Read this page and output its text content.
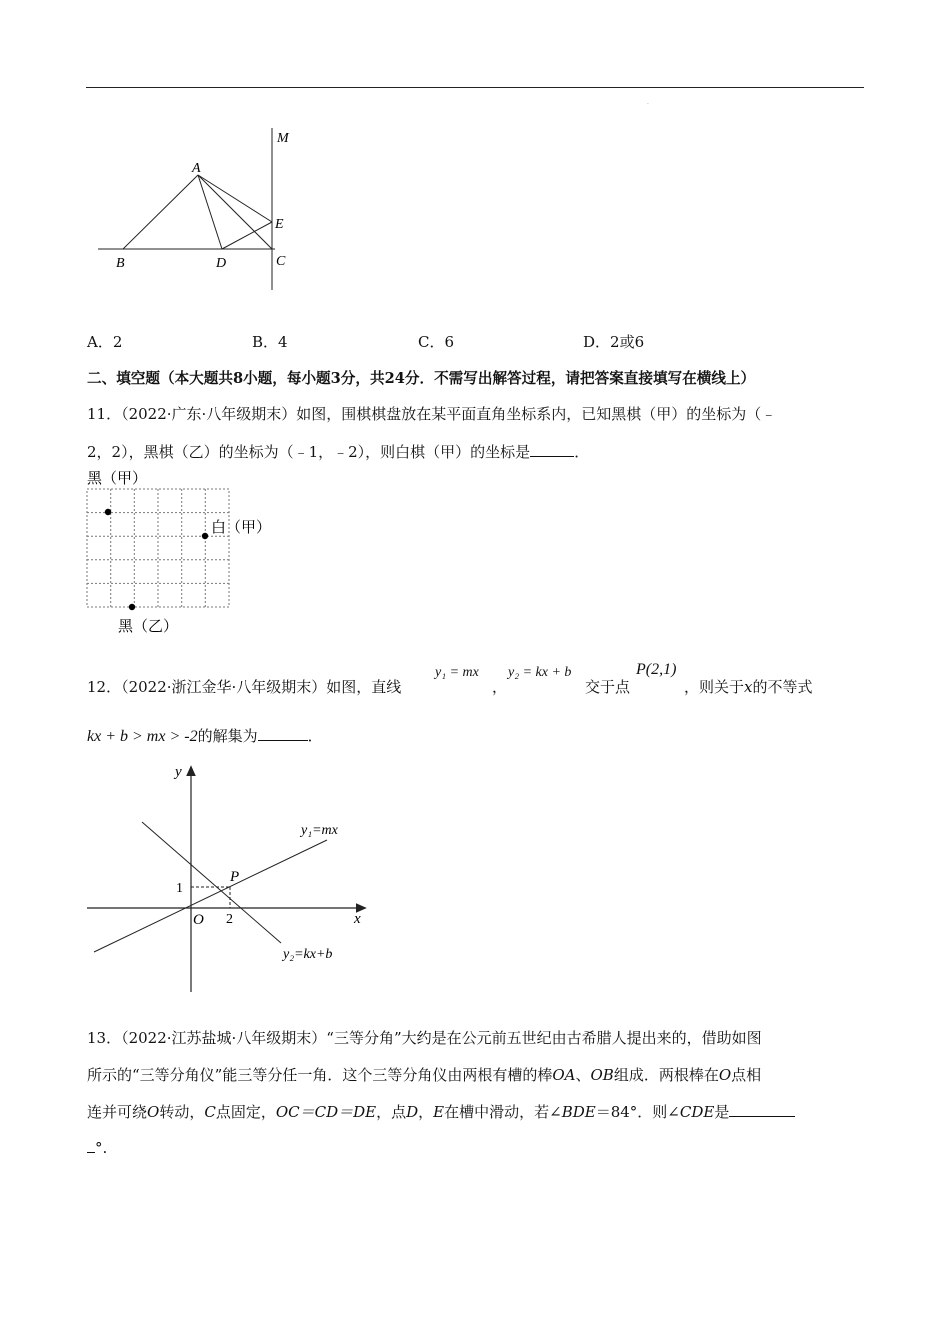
.
A
B	C
D
E
M
A．2	B．4	C．6	D．2或6
二、填空题（本大题共8小题，每小题3分，共24分．不需写出解答过程，请把答案直接填写在横线上）
11．（2022·广东·八年级期末）如图，围棋棋盘放在某平面直角坐标系内，已知黑棋（甲）的坐标为（﹣
2，2），黑棋（乙）的坐标为（﹣1，﹣2），则白棋（甲）的坐标是	．
黑（甲）
白（甲）
黑（乙）
12．（2022·浙江金华·八年级期末）如图，直线
y₁ = mx
，
y₂ = kx + b
交于点
P(2,1)
，则关于x的不等式
kx + b > mx > -2的解集为	．
y
x
O
P
1
2
y₁=mx
y₂=kx+b
13．（2022·江苏盐城·八年级期末）“三等分角”大约是在公元前五世纪由古希腊人提出来的，借助如图
所示的“三等分角仪”能三等分任一角．这个三等分角仪由两根有槽的棒OA、OB组成．两根棒在O点相
连并可绕O转动，C点固定，OC＝CD＝DE，点D，E在槽中滑动，若∠BDE＝84°．则∠CDE是
°.
